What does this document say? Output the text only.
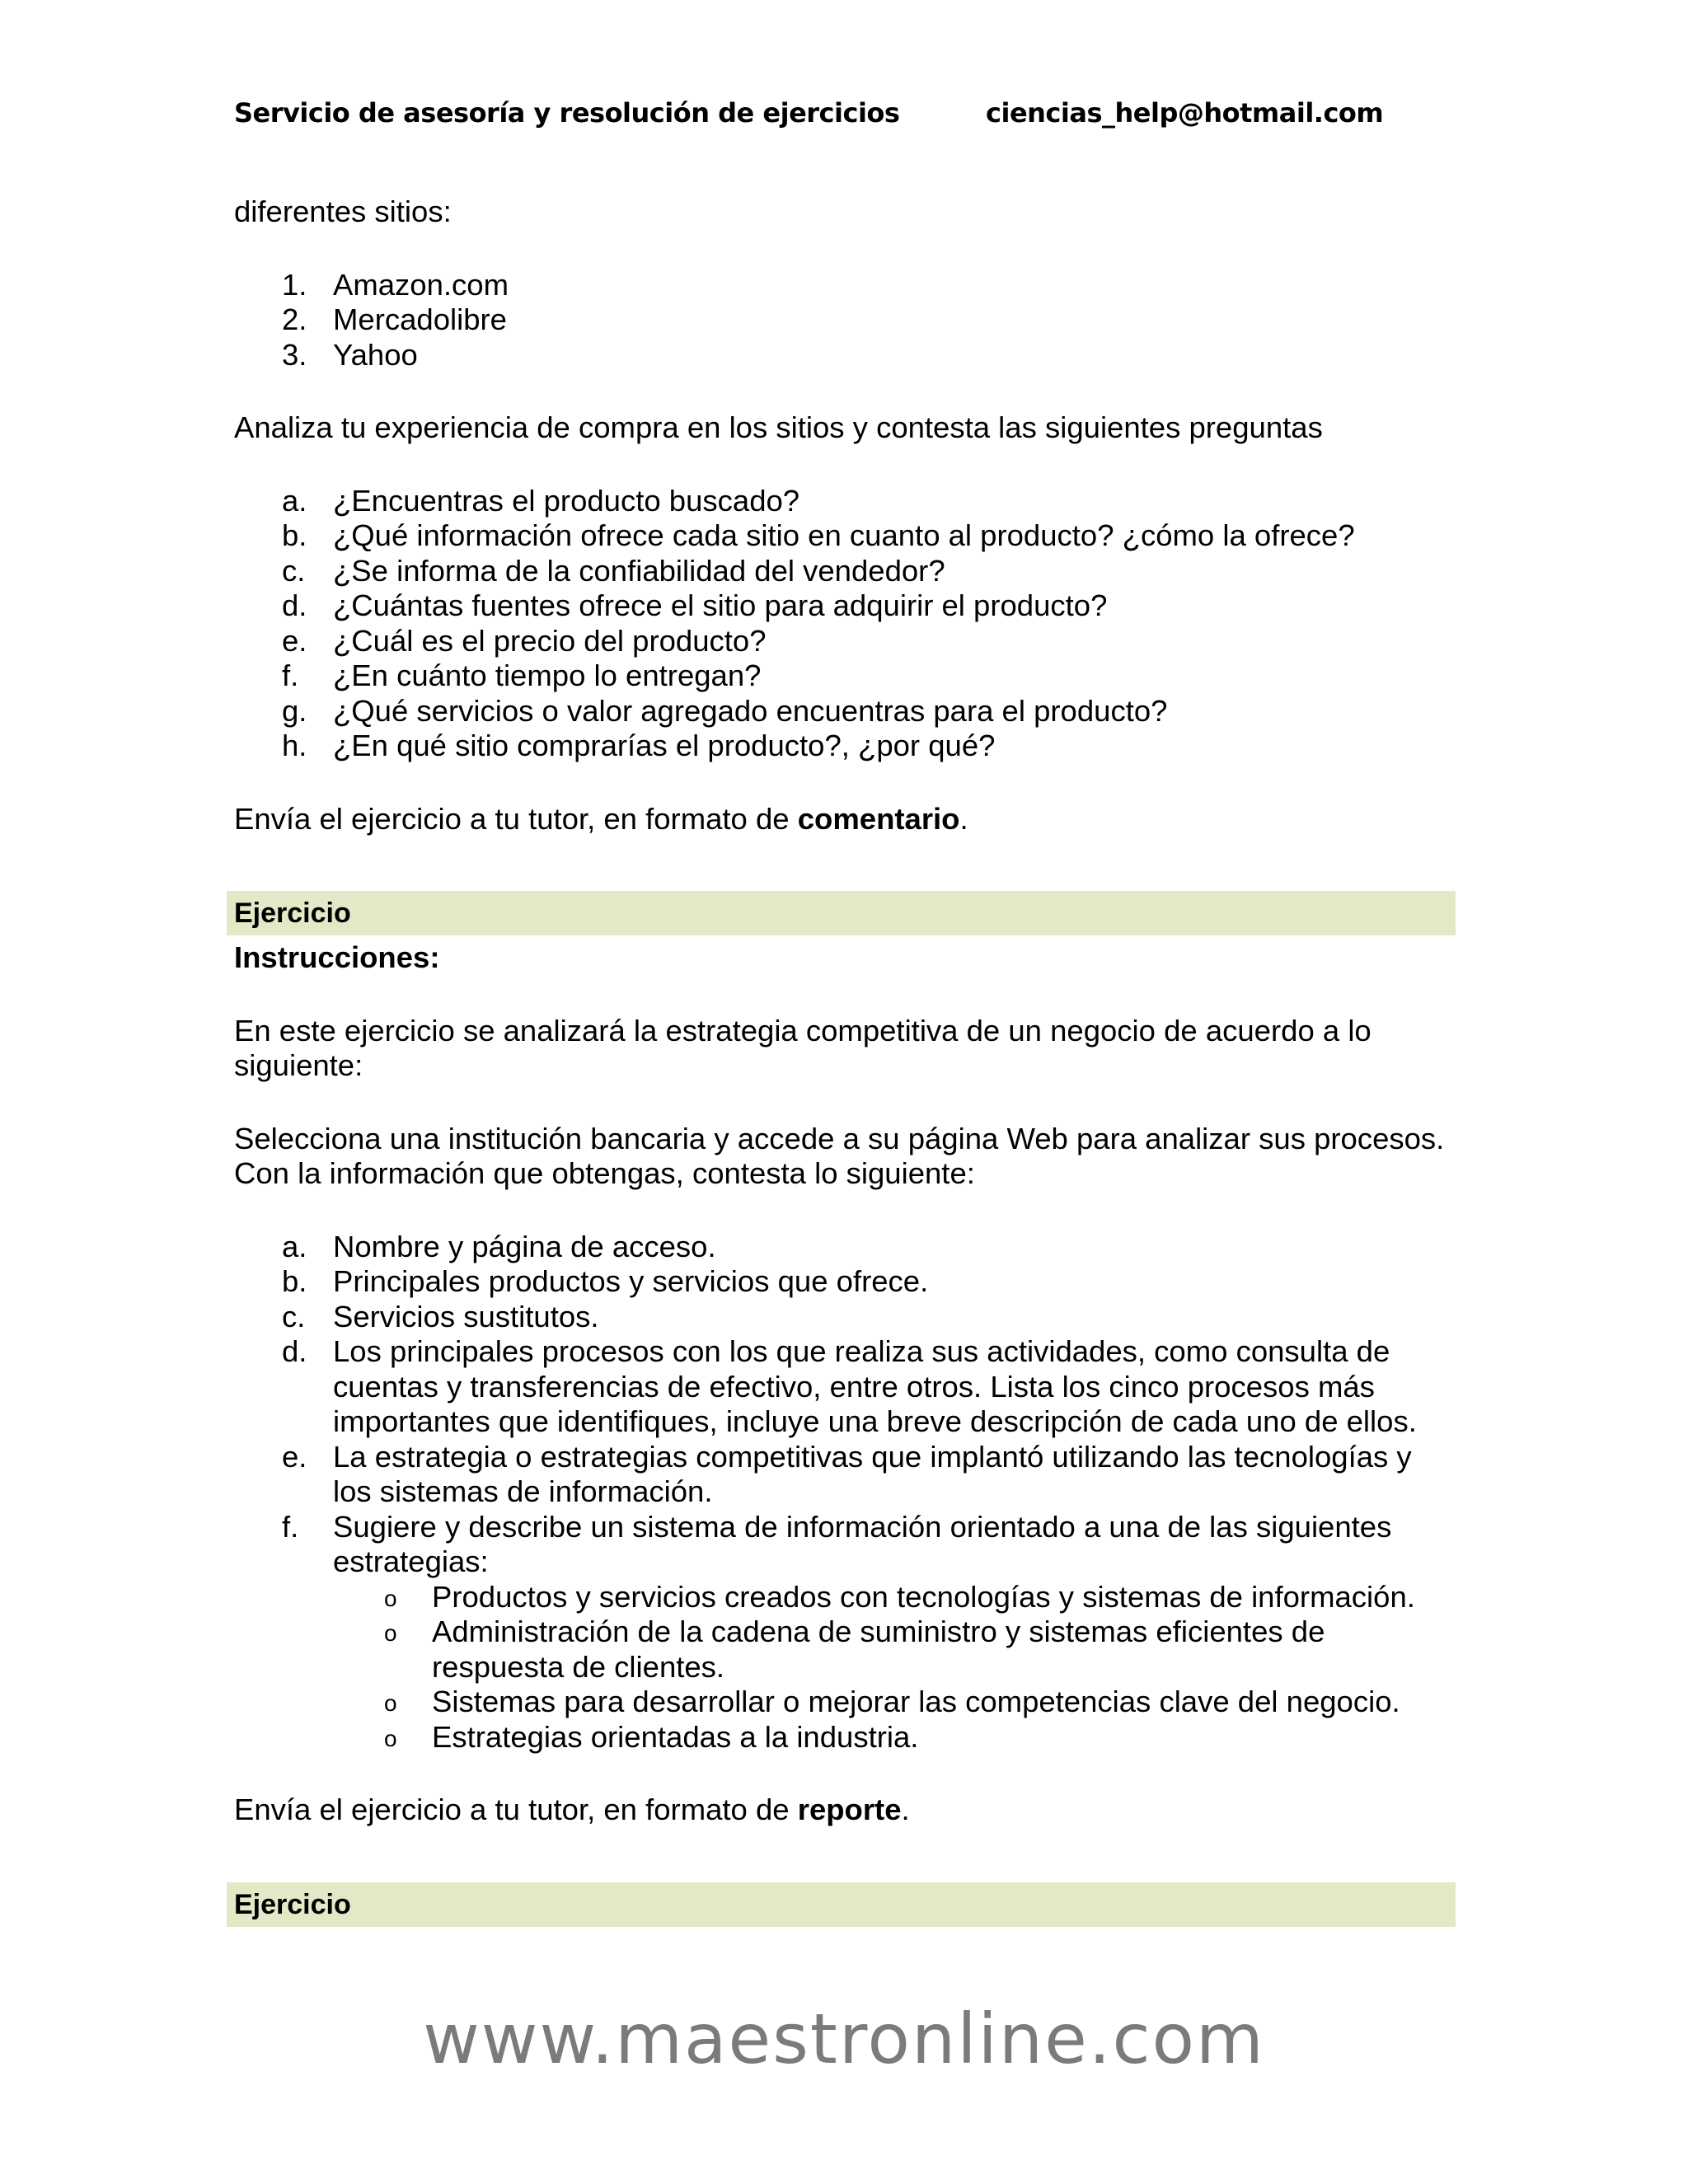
Servicio de asesoría y resolución de ejercicios	ciencias_help@hotmail.com

diferentes sitios:

1. Amazon.com
2. Mercadolibre
3. Yahoo

Analiza tu experiencia de compra en los sitios y contesta las siguientes preguntas

a. ¿Encuentras el producto buscado?
b. ¿Qué información ofrece cada sitio en cuanto al producto? ¿cómo la ofrece?
c. ¿Se informa de la confiabilidad del vendedor?
d. ¿Cuántas fuentes ofrece el sitio para adquirir el producto?
e. ¿Cuál es el precio del producto?
f. ¿En cuánto tiempo lo entregan?
g. ¿Qué servicios o valor agregado encuentras para el producto?
h. ¿En qué sitio comprarías el producto?, ¿por qué?

Envía el ejercicio a tu tutor, en formato de comentario.

Ejercicio

Instrucciones:

En este ejercicio se analizará la estrategia competitiva de un negocio de acuerdo a lo siguiente:

Selecciona una institución bancaria y accede a su página Web para analizar sus procesos. Con la información que obtengas, contesta lo siguiente:

a. Nombre y página de acceso.
b. Principales productos y servicios que ofrece.
c. Servicios sustitutos.
d. Los principales procesos con los que realiza sus actividades, como consulta de cuentas y transferencias de efectivo, entre otros. Lista los cinco procesos más importantes que identifiques, incluye una breve descripción de cada uno de ellos.
e. La estrategia o estrategias competitivas que implantó utilizando las tecnologías y los sistemas de información.
f. Sugiere y describe un sistema de información orientado a una de las siguientes estrategias:
o Productos y servicios creados con tecnologías y sistemas de información.
o Administración de la cadena de suministro y sistemas eficientes de respuesta de clientes.
o Sistemas para desarrollar o mejorar las competencias clave del negocio.
o Estrategias orientadas a la industria.

Envía el ejercicio a tu tutor, en formato de reporte.

Ejercicio
www.maestronline.com
